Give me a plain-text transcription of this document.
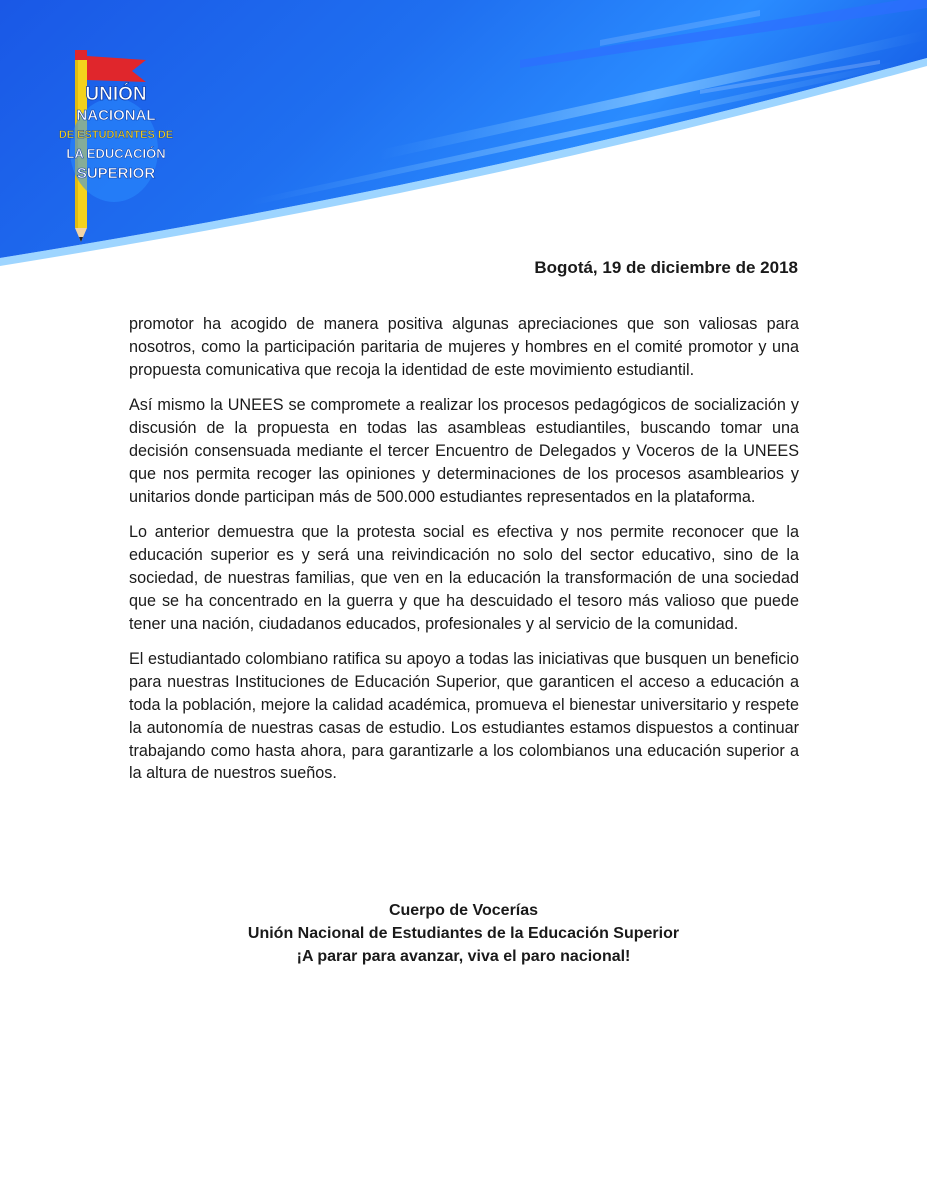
UNIÓN
NACIONAL
DE ESTUDIANTES DE
LA EDUCACIÓN
SUPERIOR
Bogotá, 19 de diciembre de 2018

promotor ha acogido de manera positiva algunas apreciaciones que son valiosas para nosotros, como la participación paritaria de mujeres y hombres en el comité promotor y una propuesta comunicativa que recoja la identidad de este movimiento estudiantil.

Así mismo la UNEES se compromete a realizar los procesos pedagógicos de socialización y discusión de la propuesta en todas las asambleas estudiantiles, buscando tomar una decisión consensuada mediante el tercer Encuentro de Delegados y Voceros de la UNEES que nos permita recoger las opiniones y determinaciones de los procesos asamblearios y unitarios donde participan más de 500.000 estudiantes representados en la plataforma.

Lo anterior demuestra que la protesta social es efectiva y nos permite reconocer que la educación superior es y será una reivindicación no solo del sector educativo, sino de la sociedad, de nuestras familias, que ven en la educación la transformación de una sociedad que se ha concentrado en la guerra y que ha descuidado el tesoro más valioso que puede tener una nación, ciudadanos educados, profesionales y al servicio de la comunidad.

El estudiantado colombiano ratifica su apoyo a todas las iniciativas que busquen un beneficio para nuestras Instituciones de Educación Superior, que garanticen el acceso a educación a toda la población, mejore la calidad académica, promueva el bienestar universitario y respete la autonomía de nuestras casas de estudio. Los estudiantes estamos dispuestos a continuar trabajando como hasta ahora, para garantizarle a los colombianos una educación superior a la altura de nuestros sueños.

Cuerpo de Vocerías
Unión Nacional de Estudiantes de la Educación Superior
¡A parar para avanzar, viva el paro nacional!
